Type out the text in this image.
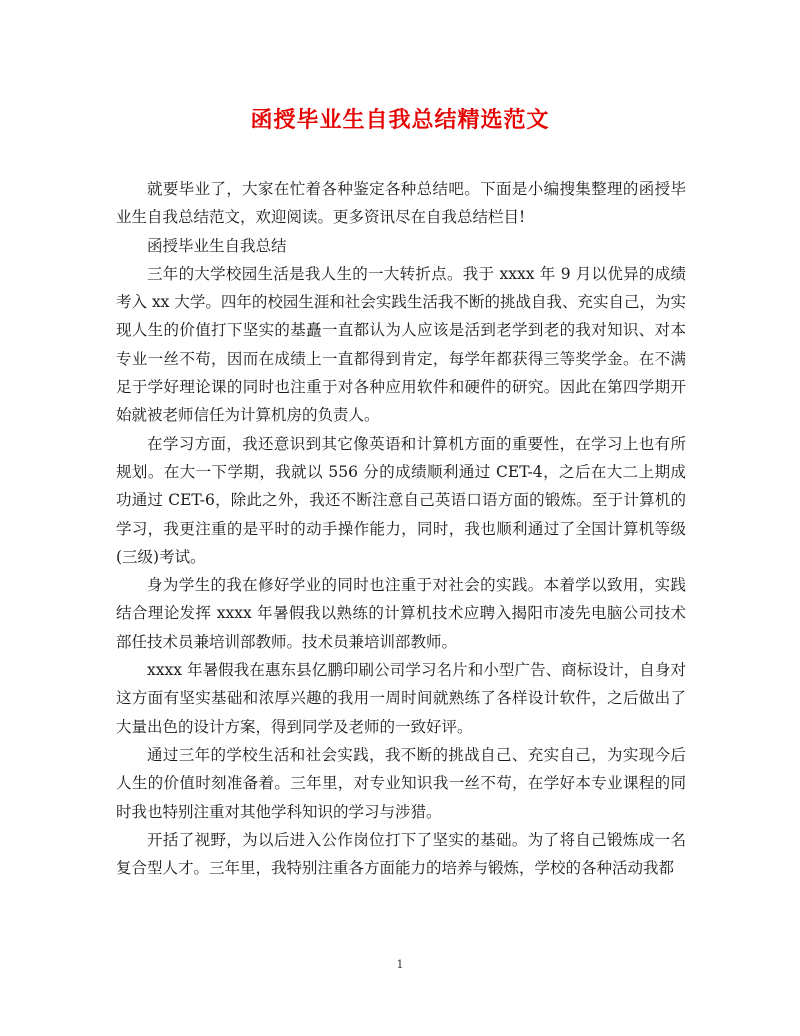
函授毕业生自我总结精选范文

就要毕业了，大家在忙着各种鉴定各种总结吧。下面是小编搜集整理的函授毕业生自我总结范文，欢迎阅读。更多资讯尽在自我总结栏目!

函授毕业生自我总结

三年的大学校园生活是我人生的一大转折点。我于 xxxx 年 9 月以优异的成绩考入 xx 大学。四年的校园生涯和社会实践生活我不断的挑战自我、充实自己，为实现人生的价值打下坚实的基矗一直都认为人应该是活到老学到老的我对知识、对本专业一丝不苟，因而在成绩上一直都得到肯定，每学年都获得三等奖学金。在不满足于学好理论课的同时也注重于对各种应用软件和硬件的研究。因此在第四学期开始就被老师信任为计算机房的负责人。

在学习方面，我还意识到其它像英语和计算机方面的重要性，在学习上也有所规划。在大一下学期，我就以 556 分的成绩顺利通过 CET-4，之后在大二上期成功通过 CET-6，除此之外，我还不断注意自己英语口语方面的锻炼。至于计算机的学习，我更注重的是平时的动手操作能力，同时，我也顺利通过了全国计算机等级(三级)考试。

身为学生的我在修好学业的同时也注重于对社会的实践。本着学以致用，实践结合理论发挥 xxxx 年暑假我以熟练的计算机技术应聘入揭阳市凌先电脑公司技术部任技术员兼培训部教师。技术员兼培训部教师。

xxxx 年暑假我在惠东县亿鹏印刷公司学习名片和小型广告、商标设计，自身对这方面有坚实基础和浓厚兴趣的我用一周时间就熟练了各样设计软件，之后做出了大量出色的设计方案，得到同学及老师的一致好评。

通过三年的学校生活和社会实践，我不断的挑战自己、充实自己，为实现今后人生的价值时刻准备着。三年里，对专业知识我一丝不苟，在学好本专业课程的同时我也特别注重对其他学科知识的学习与涉猎。

开括了视野，为以后进入公作岗位打下了坚实的基础。为了将自己锻炼成一名复合型人才。三年里，我特别注重各方面能力的培养与锻炼，学校的各种活动我都

1
